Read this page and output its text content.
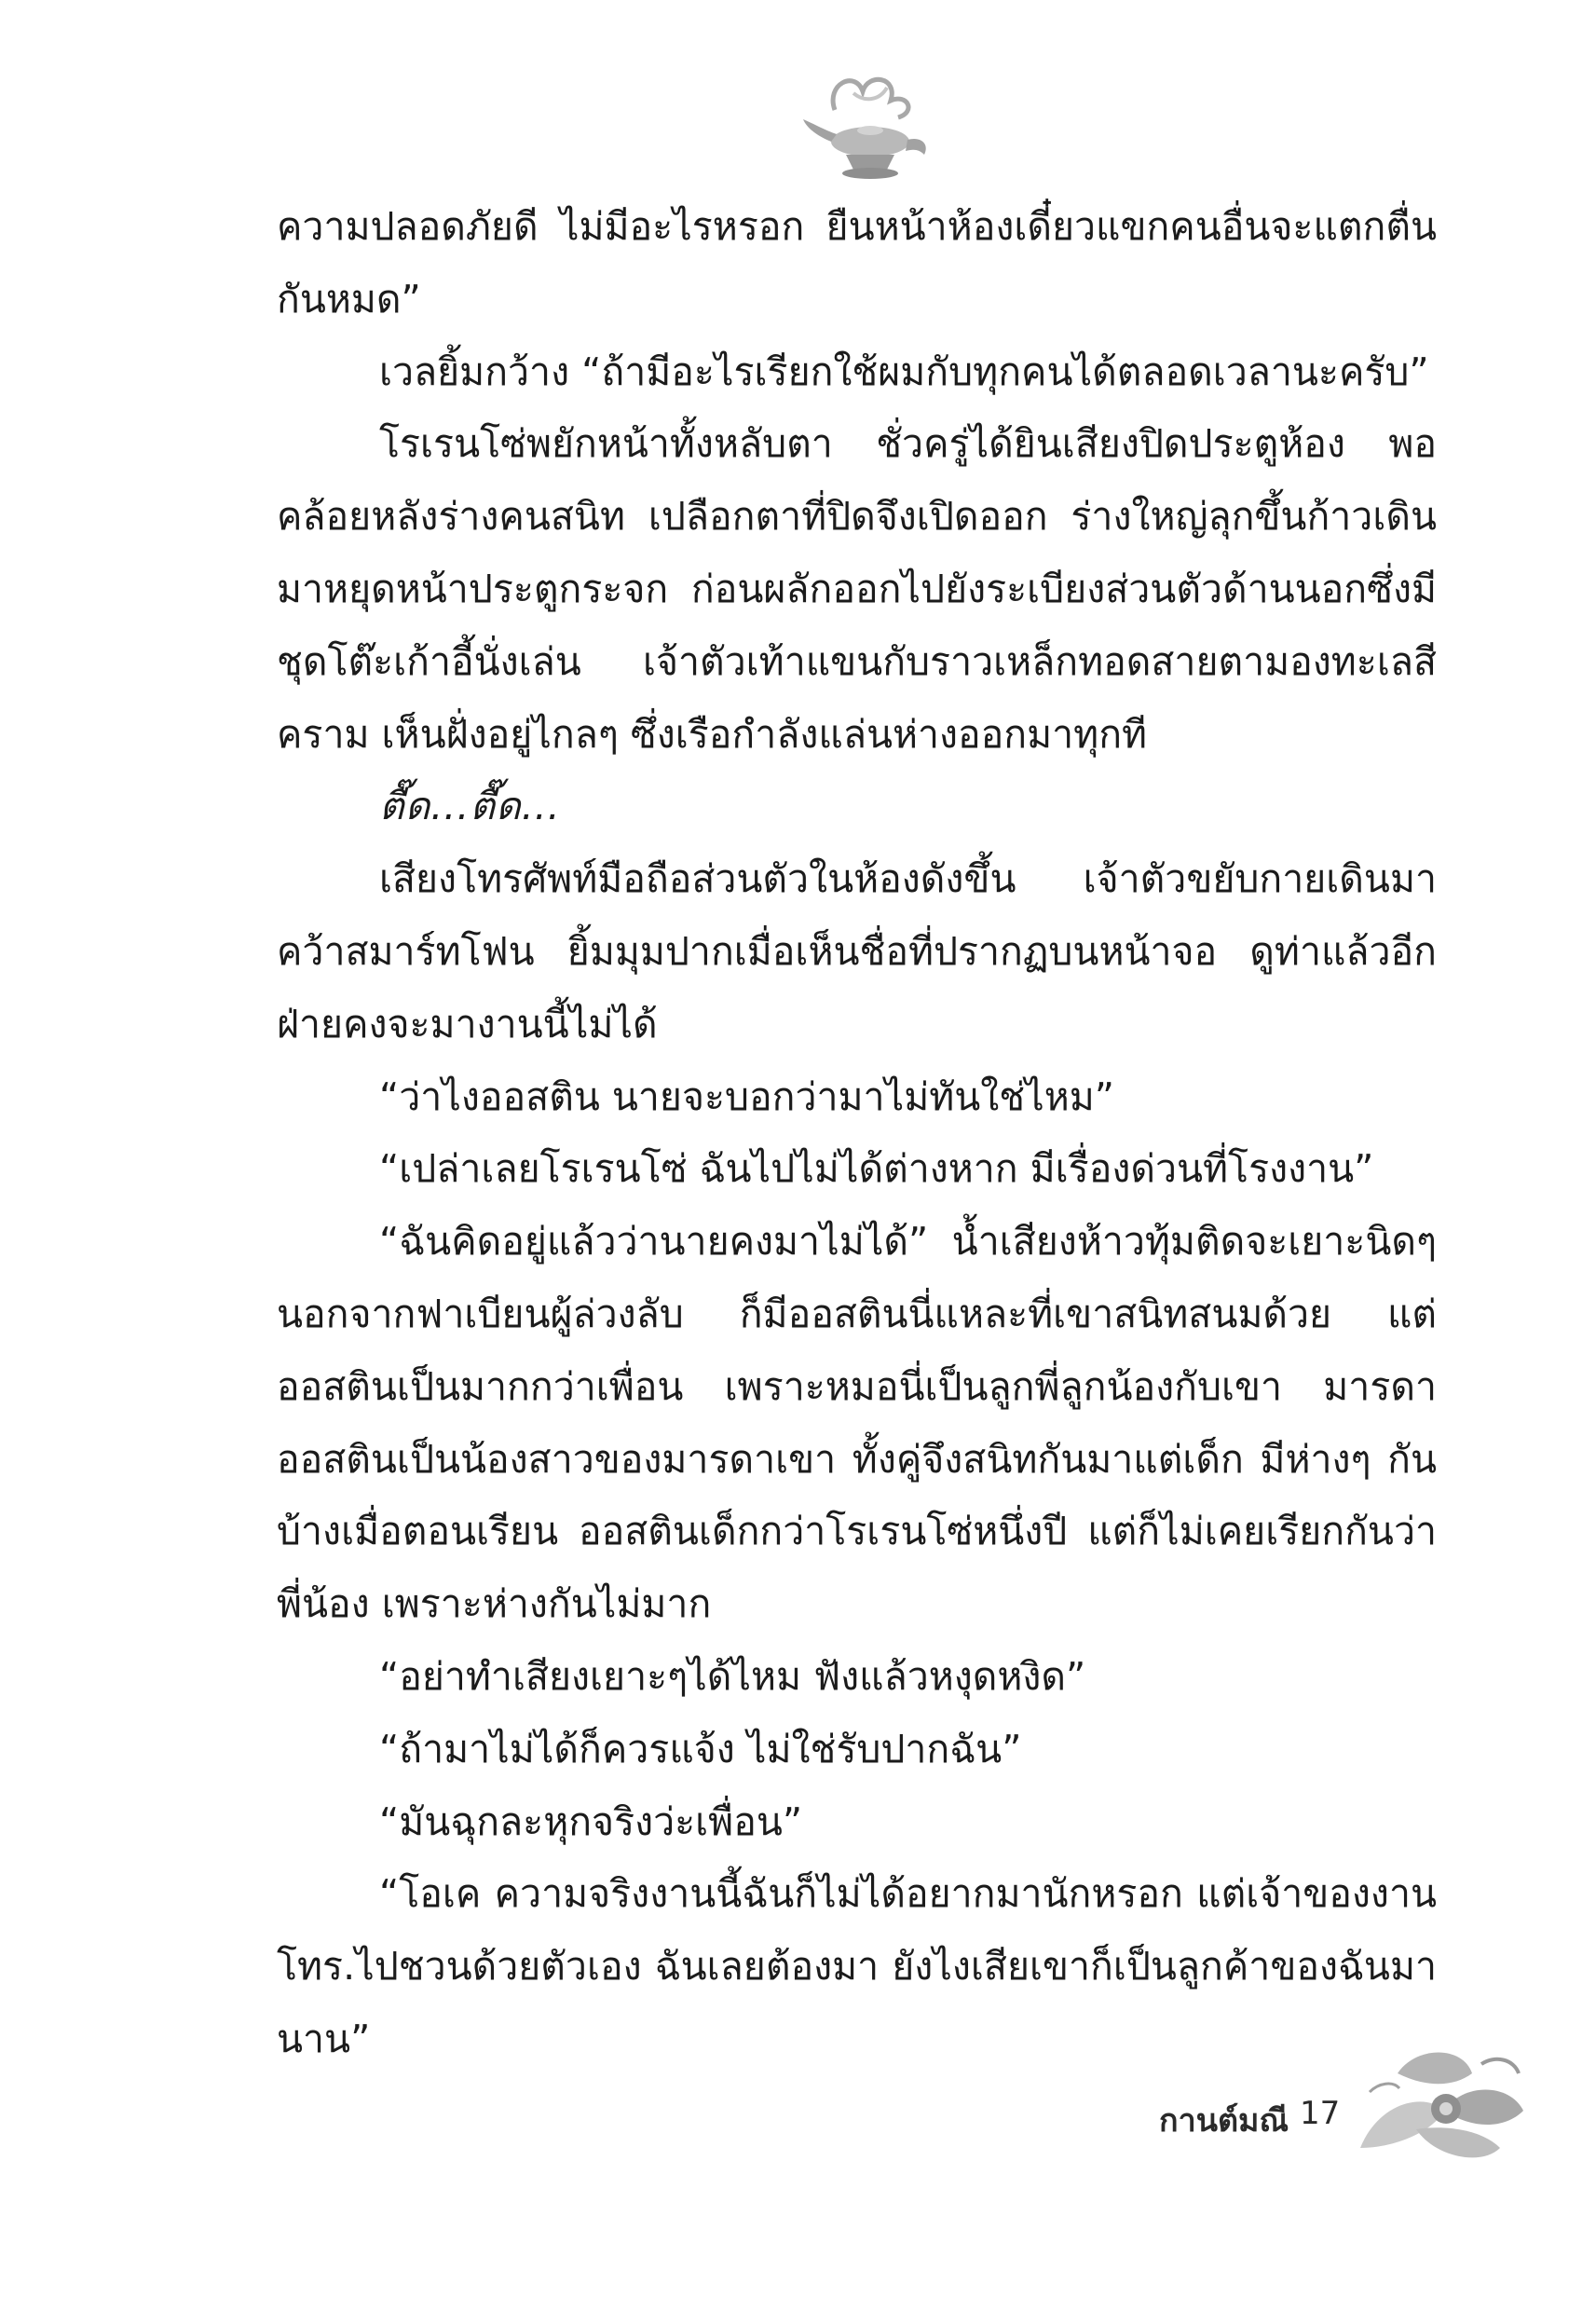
ความปลอดภัยดี ไม่มีอะไรหรอก ยืนหน้าห้องเดี๋ยวแขกคนอื่นจะแตกตื่นกันหมด”

เวลยิ้มกว้าง “ถ้ามีอะไรเรียกใช้ผมกับทุกคนได้ตลอดเวลานะครับ”

โรเรนโซ่พยักหน้าทั้งหลับตา ชั่วครู่ได้ยินเสียงปิดประตูห้อง พอคล้อยหลังร่างคนสนิท เปลือกตาที่ปิดจึงเปิดออก ร่างใหญ่ลุกขึ้นก้าวเดินมาหยุดหน้าประตูกระจก ก่อนผลักออกไปยังระเบียงส่วนตัวด้านนอกซึ่งมีชุดโต๊ะเก้าอี้นั่งเล่น เจ้าตัวเท้าแขนกับราวเหล็กทอดสายตามองทะเลสีคราม เห็นฝั่งอยู่ไกลๆ ซึ่งเรือกำลังแล่นห่างออกมาทุกที

ตื๊ด...ตื๊ด...

เสียงโทรศัพท์มือถือส่วนตัวในห้องดังขึ้น เจ้าตัวขยับกายเดินมาคว้าสมาร์ทโฟน ยิ้มมุมปากเมื่อเห็นชื่อที่ปรากฏบนหน้าจอ ดูท่าแล้วอีกฝ่ายคงจะมางานนี้ไม่ได้

“ว่าไงออสติน นายจะบอกว่ามาไม่ทันใช่ไหม”

“เปล่าเลยโรเรนโซ่ ฉันไปไม่ได้ต่างหาก มีเรื่องด่วนที่โรงงาน”

“ฉันคิดอยู่แล้วว่านายคงมาไม่ได้” น้ำเสียงห้าวทุ้มติดจะเยาะนิดๆ นอกจากฟาเบียนผู้ล่วงลับ ก็มีออสตินนี่แหละที่เขาสนิทสนมด้วย แต่ออสตินเป็นมากกว่าเพื่อน เพราะหมอนี่เป็นลูกพี่ลูกน้องกับเขา มารดาออสตินเป็นน้องสาวของมารดาเขา ทั้งคู่จึงสนิทกันมาแต่เด็ก มีห่างๆ กันบ้างเมื่อตอนเรียน ออสตินเด็กกว่าโรเรนโซ่หนึ่งปี แต่ก็ไม่เคยเรียกกันว่าพี่น้อง เพราะห่างกันไม่มาก

“อย่าทำเสียงเยาะๆได้ไหม ฟังแล้วหงุดหงิด”

“ถ้ามาไม่ได้ก็ควรแจ้ง ไม่ใช่รับปากฉัน”

“มันฉุกละหุกจริงว่ะเพื่อน”

“โอเค ความจริงงานนี้ฉันก็ไม่ได้อยากมานักหรอก แต่เจ้าของงานโทร.ไปชวนด้วยตัวเอง ฉันเลยต้องมา ยังไงเสียเขาก็เป็นลูกค้าของฉันมานาน”

กานต์มณี 17
